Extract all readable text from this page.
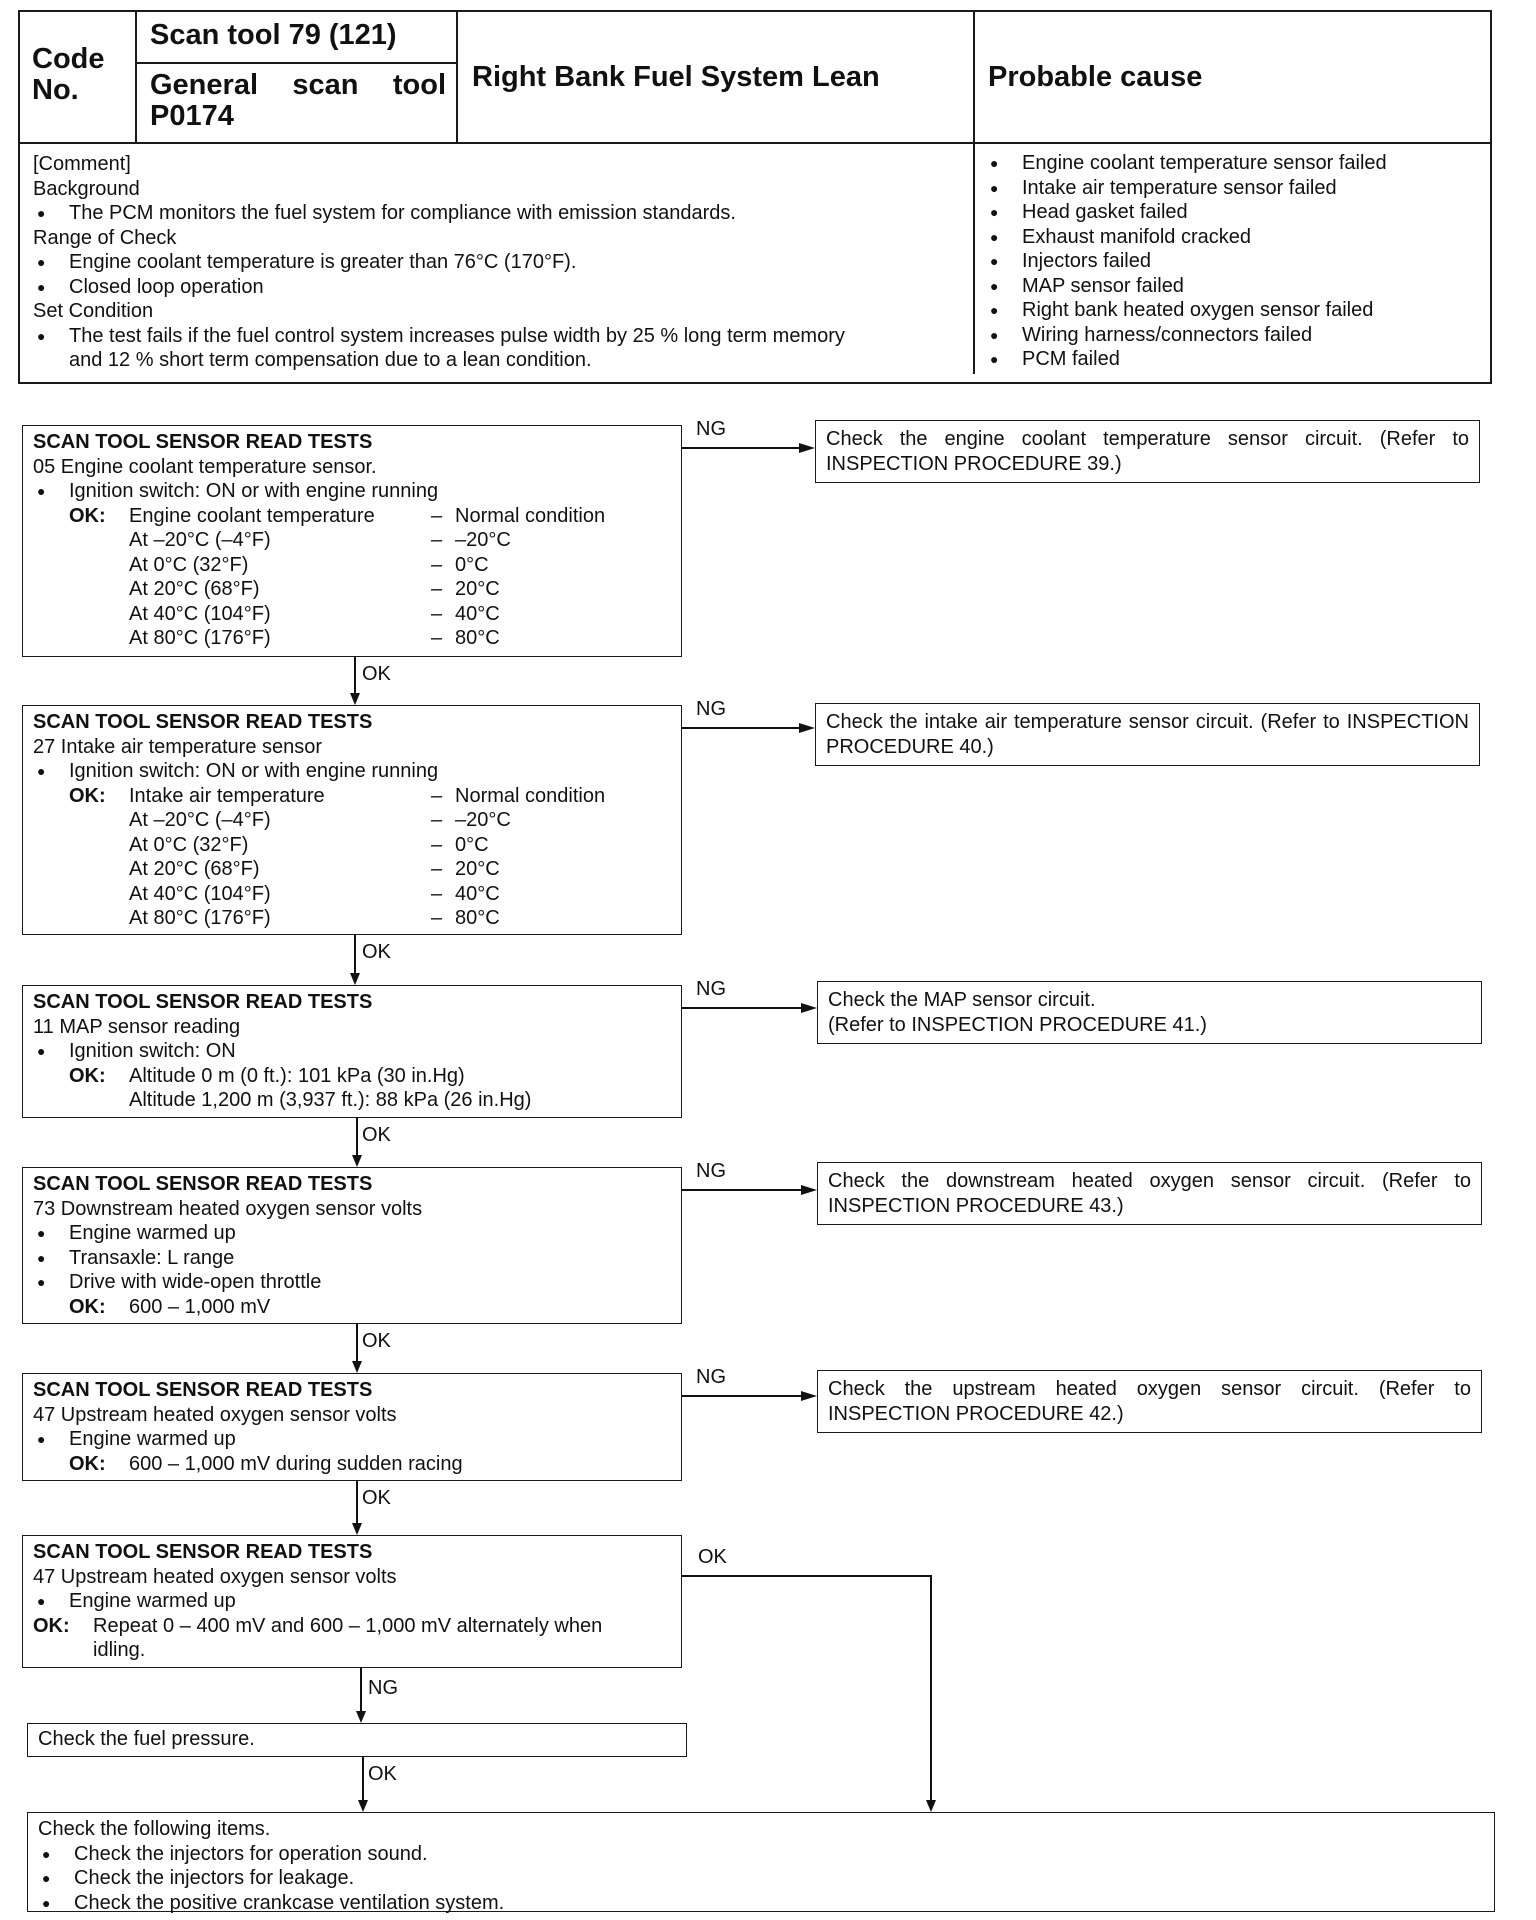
Code
No.
Scan tool 79 (121)
General scan tool
P0174
Right Bank Fuel System Lean	Probable cause
[Comment]
Background
● The PCM monitors the fuel system for compliance with emission standards.
Range of Check
● Engine coolant temperature is greater than 76°C (170°F).
● Closed loop operation
Set Condition
● The test fails if the fuel control system increases pulse width by 25 % long term memory
and 12 % short term compensation due to a lean condition.
● Engine coolant temperature sensor failed
● Intake air temperature sensor failed
● Head gasket failed
● Exhaust manifold cracked
● Injectors failed
● MAP sensor failed
● Right bank heated oxygen sensor failed
● Wiring harness/connectors failed
● PCM failed
SCAN TOOL SENSOR READ TESTS
05 Engine coolant temperature sensor.
● Ignition switch: ON or with engine running
OK:	Engine coolant temperature	– Normal condition
At –20°C (–4°F)	– –20°C
At 0°C (32°F)	– 0°C
At 20°C (68°F)	– 20°C
At 40°C (104°F)	– 40°C
At 80°C (176°F)	– 80°C
Check the engine coolant temperature sensor circuit. (Refer to INSPECTION PROCEDURE 39.)
NG
OK
SCAN TOOL SENSOR READ TESTS
27 Intake air temperature sensor
● Ignition switch: ON or with engine running
OK:	Intake air temperature	– Normal condition
At –20°C (–4°F)	– –20°C
At 0°C (32°F)	– 0°C
At 20°C (68°F)	– 20°C
At 40°C (104°F)	– 40°C
At 80°C (176°F)	– 80°C
Check the intake air temperature sensor circuit. (Refer to INSPECTION PROCEDURE 40.)
NG
OK
SCAN TOOL SENSOR READ TESTS
11 MAP sensor reading
● Ignition switch: ON
OK: Altitude 0 m (0 ft.): 101 kPa (30 in.Hg)
Altitude 1,200 m (3,937 ft.): 88 kPa (26 in.Hg)
Check the MAP sensor circuit.
(Refer to INSPECTION PROCEDURE 41.)
NG
OK
SCAN TOOL SENSOR READ TESTS
73 Downstream heated oxygen sensor volts
● Engine warmed up
● Transaxle: L range
● Drive with wide-open throttle
OK: 600 – 1,000 mV
Check the downstream heated oxygen sensor circuit. (Refer to INSPECTION PROCEDURE 43.)
NG
OK
SCAN TOOL SENSOR READ TESTS
47 Upstream heated oxygen sensor volts
● Engine warmed up
OK: 600 – 1,000 mV during sudden racing
Check the upstream heated oxygen sensor circuit. (Refer to INSPECTION PROCEDURE 42.)
NG
OK
SCAN TOOL SENSOR READ TESTS
47 Upstream heated oxygen sensor volts
● Engine warmed up
OK: Repeat 0 – 400 mV and 600 – 1,000 mV alternately when
idling.
NG
Check the fuel pressure.
OK
OK
Check the following items.
● Check the injectors for operation sound.
● Check the injectors for leakage.
● Check the positive crankcase ventilation system.
